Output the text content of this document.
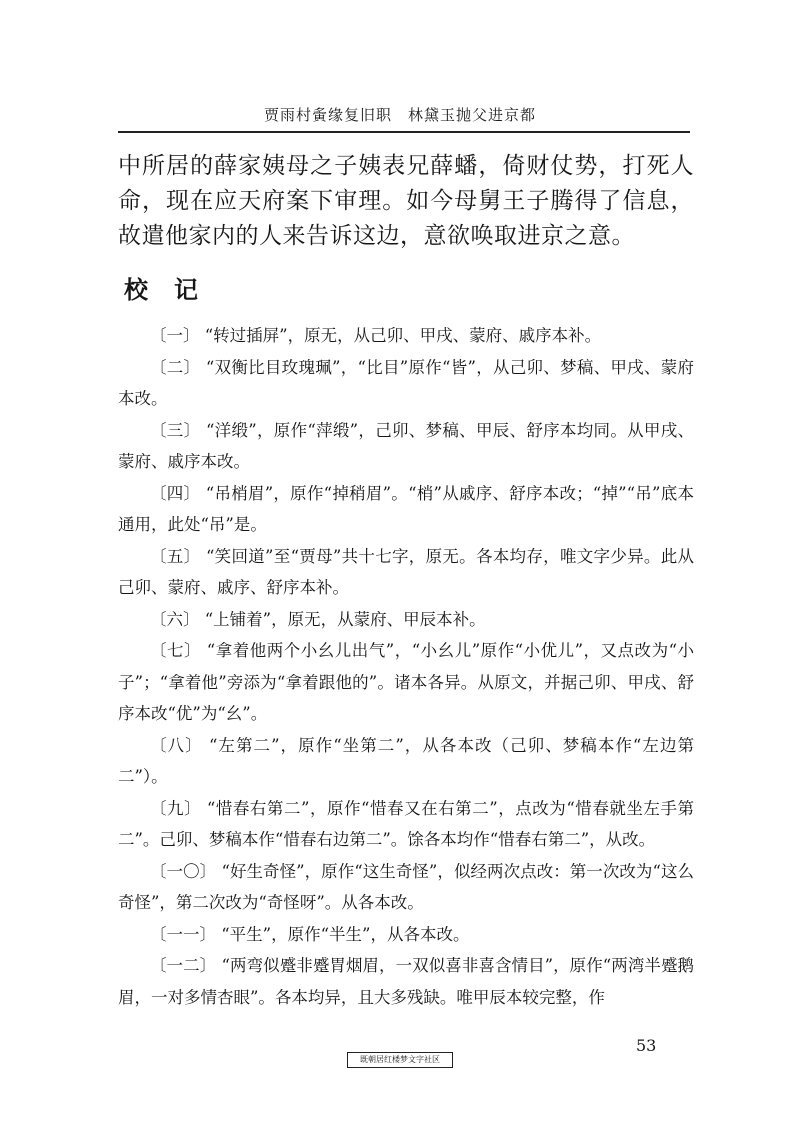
贾雨村夤缘复旧职　林黛玉抛父进京都

中所居的薛家姨母之子姨表兄薛蟠，倚财仗势，打死人命，现在应天府案下审理。如今母舅王子腾得了信息，故遣他家内的人来告诉这边，意欲唤取进京之意。

校记

〔一〕 “转过插屏”，原无，从己卯、甲戌、蒙府、戚序本补。

〔二〕 “双衡比目玫瑰珮”，“比目”原作“皆”，从己卯、梦稿、甲戌、蒙府本改。

〔三〕 “洋缎”，原作“萍缎”，己卯、梦稿、甲辰、舒序本均同。从甲戌、蒙府、戚序本改。

〔四〕 “吊梢眉”，原作“掉稍眉”。“梢”从戚序、舒序本改；“掉”“吊”底本通用，此处“吊”是。

〔五〕 “笑回道”至“贾母”共十七字，原无。各本均存，唯文字少异。此从己卯、蒙府、戚序、舒序本补。

〔六〕 “上铺着”，原无，从蒙府、甲辰本补。

〔七〕 “拿着他两个小幺儿出气”，“小幺儿”原作“小优儿”，又点改为“小子”；“拿着他”旁添为“拿着跟他的”。诸本各异。从原文，并据己卯、甲戌、舒序本改“优”为“幺”。

〔八〕 “左第二”，原作“坐第二”，从各本改（己卯、梦稿本作“左边第二”）。

〔九〕 “惜春右第二”，原作“惜春又在右第二”，点改为“惜春就坐左手第二”。己卯、梦稿本作“惜春右边第二”。馀各本均作“惜春右第二”，从改。

〔一〇〕 “好生奇怪”，原作“这生奇怪”，似经两次点改：第一次改为“这么奇怪”，第二次改为“奇怪呀”。从各本改。

〔一一〕 “平生”，原作“半生”，从各本改。

〔一二〕 “两弯似蹙非蹙胃烟眉，一双似喜非喜含情目”，原作“两湾半蹙鹅眉，一对多情杏眼”。各本均异，且大多残缺。唯甲辰本较完整，作

53
既朝居红楼梦文字社区
